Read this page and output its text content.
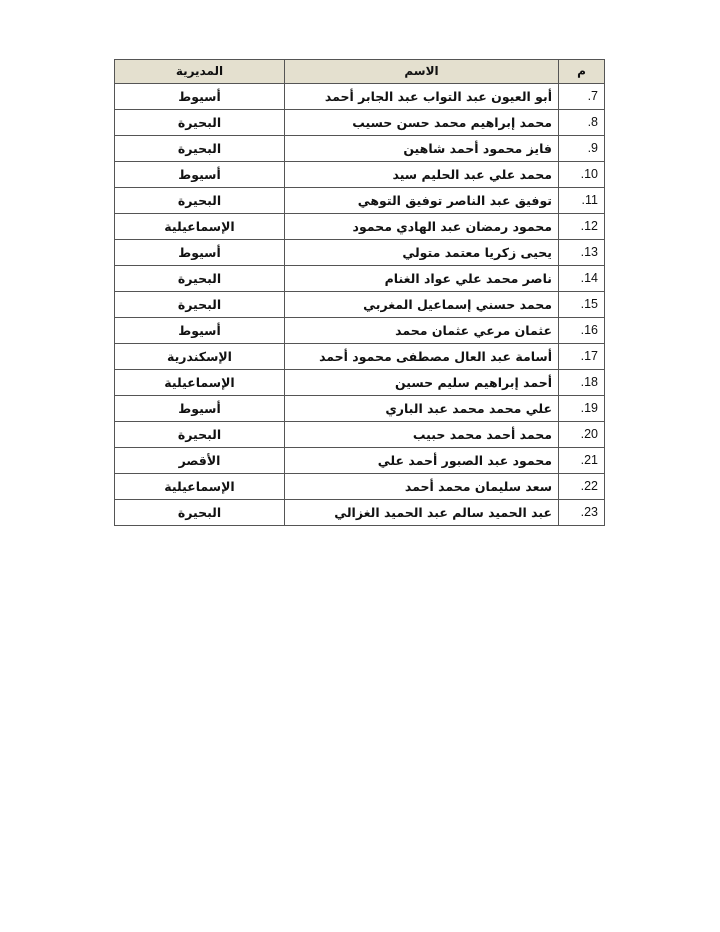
م	الاسم	المديرية
7.	أبو العيون عبد التواب عبد الجابر أحمد	أسيوط
8.	محمد إبراهيم محمد حسن حسيب	البحيرة
9.	فايز محمود أحمد شاهين	البحيرة
10.	محمد علي عبد الحليم سيد	أسيوط
11.	توفيق عبد الناصر توفيق التوهي	البحيرة
12.	محمود رمضان عبد الهادي محمود	الإسماعيلية
13.	يحيى زكريا معتمد متولي	أسيوط
14.	ناصر محمد علي عواد الغنام	البحيرة
15.	محمد حسني إسماعيل المغربي	البحيرة
16.	عثمان مرعي عثمان محمد	أسيوط
17.	أسامة عبد العال مصطفى محمود أحمد	الإسكندرية
18.	أحمد إبراهيم سليم حسين	الإسماعيلية
19.	علي محمد محمد عبد الباري	أسيوط
20.	محمد أحمد محمد حبيب	البحيرة
21.	محمود عبد الصبور أحمد علي	الأقصر
22.	سعد سليمان محمد أحمد	الإسماعيلية
23.	عبد الحميد سالم عبد الحميد الغزالي	البحيرة
